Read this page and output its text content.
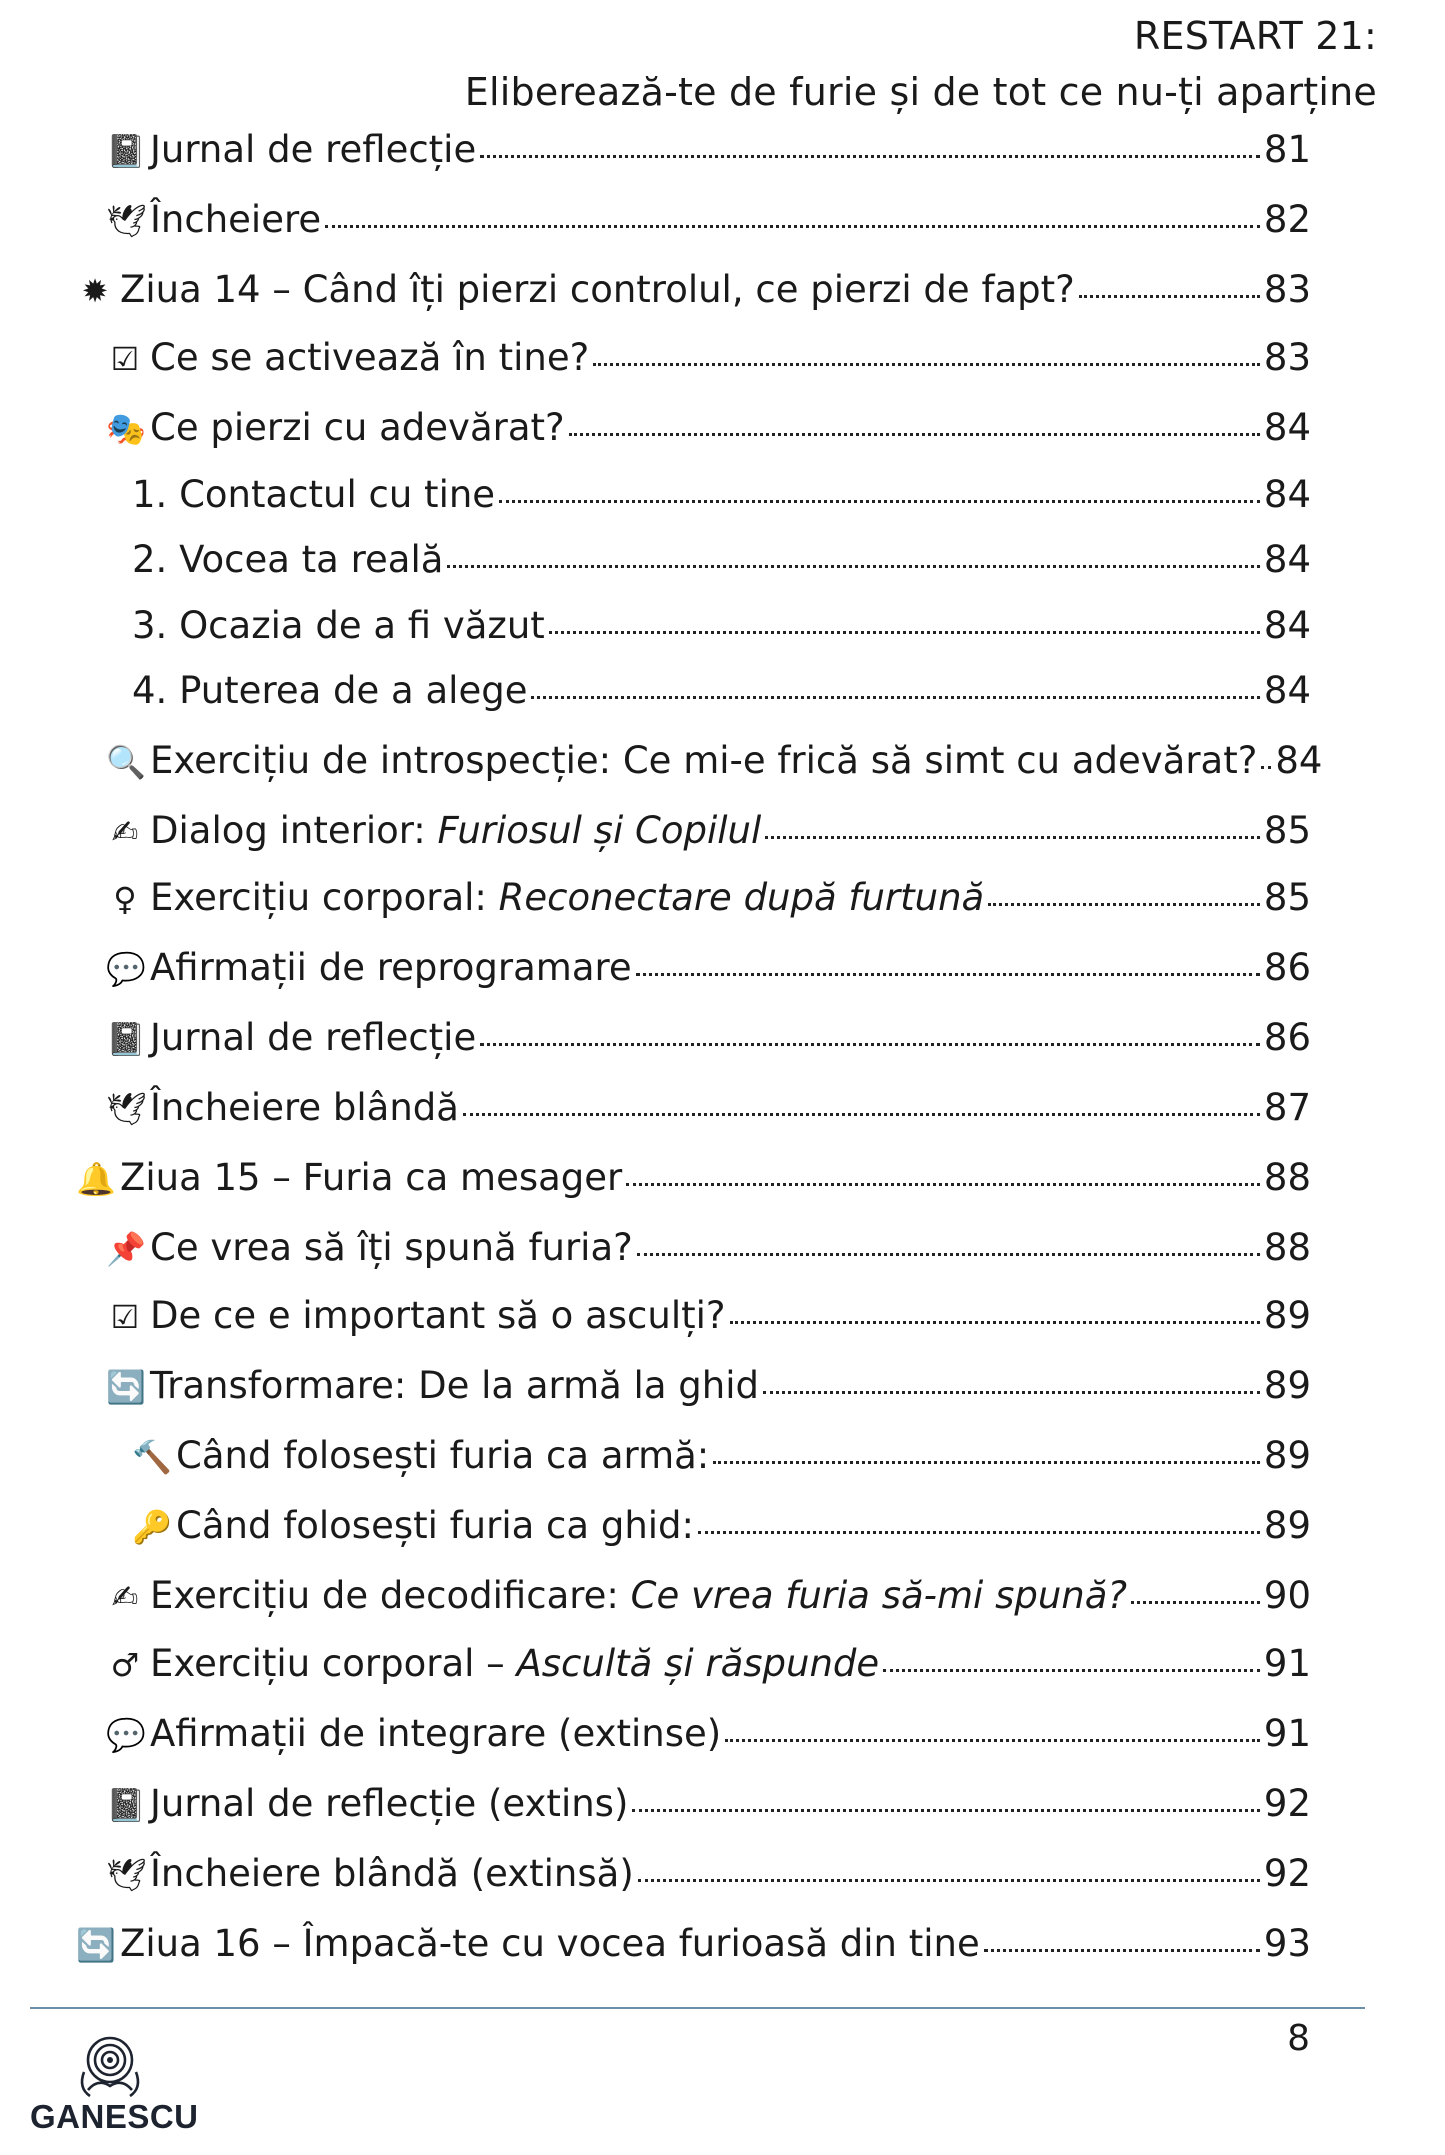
RESTART 21:
Eliberează-te de furie și de tot ce nu-ți aparține
📓 Jurnal de reflecție	81
🕊 Încheiere	82
✹ Ziua 14 – Când îți pierzi controlul, ce pierzi de fapt?	83
☑ Ce se activează în tine?	83
🎭 Ce pierzi cu adevărat?	84
1. Contactul cu tine	84
2. Vocea ta reală	84
3. Ocazia de a fi văzut	84
4. Puterea de a alege	84
🔍 Exercițiu de introspecție: Ce mi-e frică să simt cu adevărat? 84
✍ Dialog interior: Furiosul și Copilul	85
♀ Exercițiu corporal: Reconectare după furtună	85
💬 Afirmații de reprogramare	86
📓 Jurnal de reflecție	86
🕊 Încheiere blândă	87
🔔 Ziua 15 – Furia ca mesager	88
📌 Ce vrea să îți spună furia?	88
☑ De ce e important să o asculți?	89
🔄 Transformare: De la armă la ghid	89
🔨 Când folosești furia ca armă:	89
🔑 Când folosești furia ca ghid:	89
✍ Exercițiu de decodificare: Ce vrea furia să-mi spună?	90
♂ Exercițiu corporal – Ascultă și răspunde	91
💬 Afirmații de integrare (extinse)	91
📓 Jurnal de reflecție (extins)	92
🕊 Încheiere blândă (extinsă)	92
🔄 Ziua 16 – Împacă-te cu vocea furioasă din tine	93
8
GANESCU
